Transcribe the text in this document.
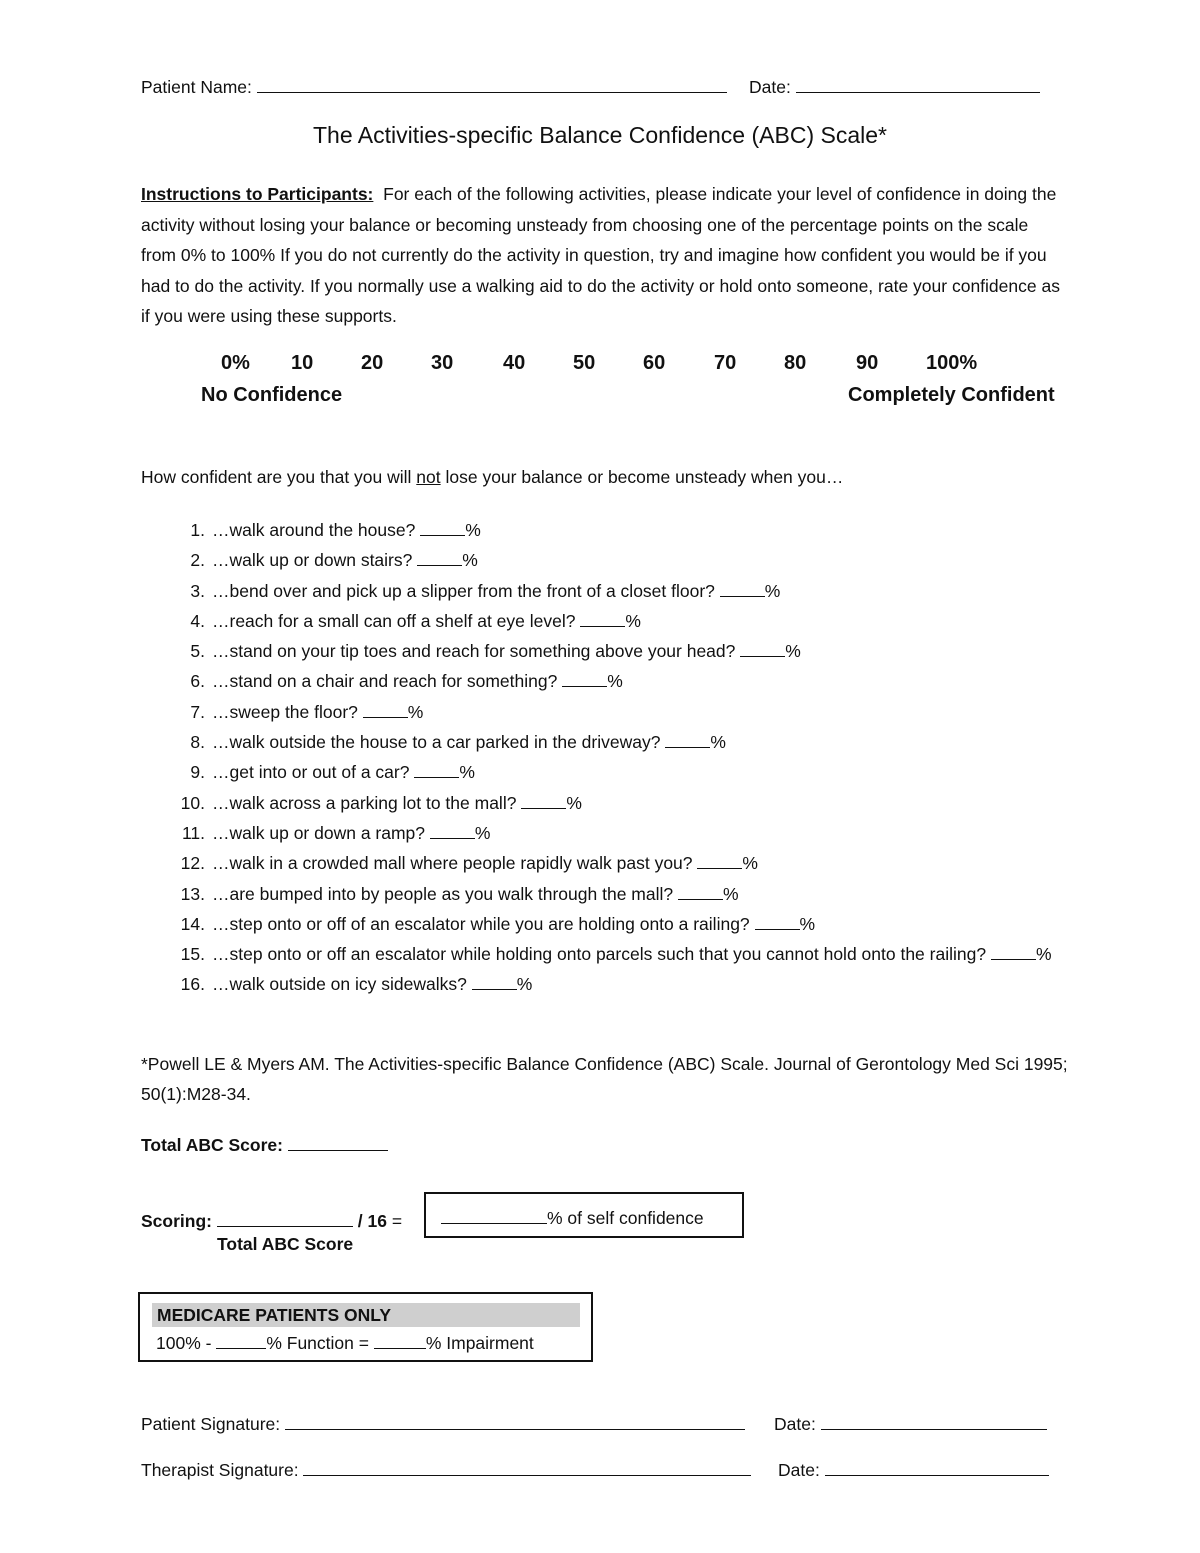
Patient Name:	Date:
The Activities-specific Balance Confidence (ABC) Scale*
Instructions to Participants: For each of the following activities, please indicate your level of confidence in doing the activity without losing your balance or becoming unsteady from choosing one of the percentage points on the scale from 0% to 100% If you do not currently do the activity in question, try and imagine how confident you would be if you had to do the activity. If you normally use a walking aid to do the activity or hold onto someone, rate your confidence as if you were using these supports.
0% 10 20 30 40 50 60 70 80 90 100%
No Confidence	Completely Confident
How confident are you that you will not lose your balance or become unsteady when you…
1. …walk around the house?	%
2. …walk up or down stairs?	%
3. …bend over and pick up a slipper from the front of a closet floor?	%
4. …reach for a small can off a shelf at eye level?	%
5. …stand on your tip toes and reach for something above your head?	%
6. …stand on a chair and reach for something?	%
7. …sweep the floor?	%
8. …walk outside the house to a car parked in the driveway?	%
9. …get into or out of a car?	%
10. …walk across a parking lot to the mall?	%
11. …walk up or down a ramp?	%
12. …walk in a crowded mall where people rapidly walk past you?	%
13. …are bumped into by people as you walk through the mall?	%
14. …step onto or off of an escalator while you are holding onto a railing?	%
15. …step onto or off an escalator while holding onto parcels such that you cannot hold onto the railing?	%
16. …walk outside on icy sidewalks?	%
*Powell LE & Myers AM. The Activities-specific Balance Confidence (ABC) Scale. Journal of Gerontology Med Sci 1995; 50(1):M28-34.
Total ABC Score:
Scoring:	/ 16 =
Total ABC Score
% of self confidence
MEDICARE PATIENTS ONLY
100% -	% Function =	% Impairment
Patient Signature:	Date:
Therapist Signature:	Date:
